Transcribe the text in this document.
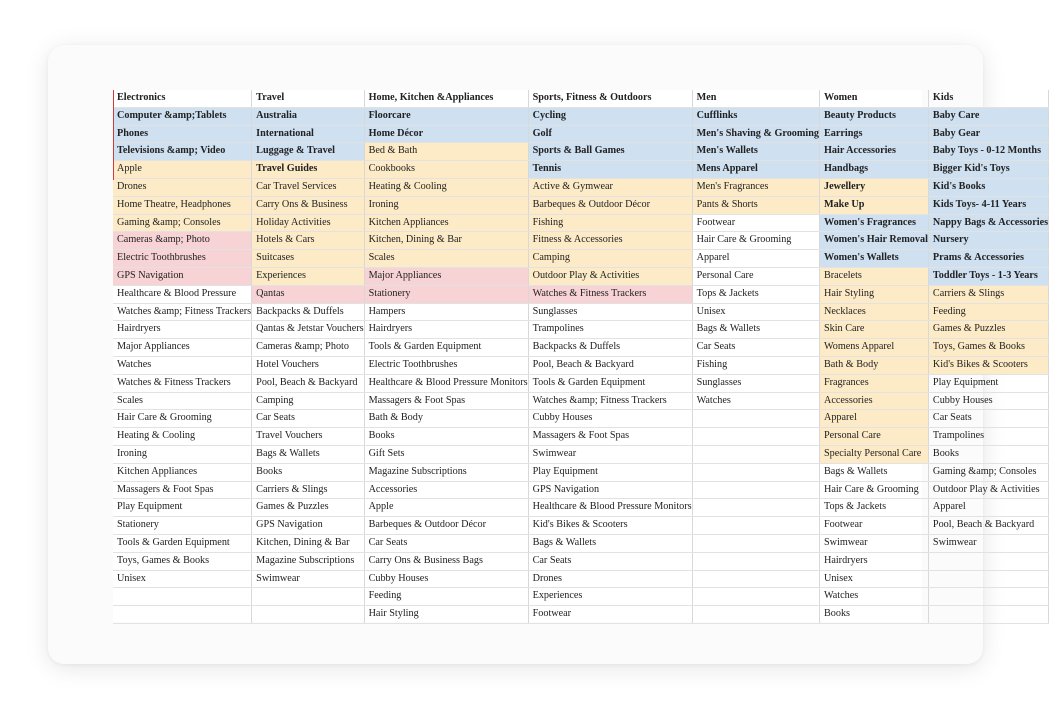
Electronics	Travel	Home, Kitchen &Appliances	Sports, Fitness & Outdoors	Men	Women	Kids
Computer &amp;Tablets	Australia	Floorcare	Cycling	Cufflinks	Beauty Products	Baby Care
Phones	International	Home Décor	Golf	Men's Shaving & Grooming	Earrings	Baby Gear
Televisions &amp; Video	Luggage & Travel	Bed & Bath	Sports & Ball Games	Men's Wallets	Hair Accessories	Baby Toys - 0-12 Months
Apple	Travel Guides	Cookbooks	Tennis	Mens Apparel	Handbags	Bigger Kid's Toys
Drones	Car Travel Services	Heating & Cooling	Active & Gymwear	Men's Fragrances	Jewellery	Kid's Books
Home Theatre, Headphones	Carry Ons & Business	Ironing	Barbeques & Outdoor Décor	Pants & Shorts	Make Up	Kids Toys- 4-11 Years
Gaming &amp; Consoles	Holiday Activities	Kitchen Appliances	Fishing	Footwear	Women's Fragrances	Nappy Bags & Accessories
Cameras &amp; Photo	Hotels & Cars	Kitchen, Dining & Bar	Fitness & Accessories	Hair Care & Grooming	Women's Hair Removal	Nursery
Electric Toothbrushes	Suitcases	Scales	Camping	Apparel	Women's Wallets	Prams & Accessories
GPS Navigation	Experiences	Major Appliances	Outdoor Play & Activities	Personal Care	Bracelets	Toddler Toys - 1-3 Years
Healthcare & Blood Pressure	Qantas	Stationery	Watches & Fitness Trackers	Tops & Jackets	Hair Styling	Carriers & Slings
Watches &amp; Fitness Trackers	Backpacks & Duffels	Hampers	Sunglasses	Unisex	Necklaces	Feeding
Hairdryers	Qantas & Jetstar Vouchers	Hairdryers	Trampolines	Bags & Wallets	Skin Care	Games & Puzzles
Major Appliances	Cameras &amp; Photo	Tools & Garden Equipment	Backpacks & Duffels	Car Seats	Womens Apparel	Toys, Games & Books
Watches	Hotel Vouchers	Electric Toothbrushes	Pool, Beach & Backyard	Fishing	Bath & Body	Kid's Bikes & Scooters
Watches & Fitness Trackers	Pool, Beach & Backyard	Healthcare & Blood Pressure Monitors	Tools & Garden Equipment	Sunglasses	Fragrances	Play Equipment
Scales	Camping	Massagers & Foot Spas	Watches &amp; Fitness Trackers	Watches	Accessories	Cubby Houses
Hair Care & Grooming	Car Seats	Bath & Body	Cubby Houses		Apparel	Car Seats
Heating & Cooling	Travel Vouchers	Books	Massagers & Foot Spas		Personal Care	Trampolines
Ironing	Bags & Wallets	Gift Sets	Swimwear		Specialty Personal Care	Books
Kitchen Appliances	Books	Magazine Subscriptions	Play Equipment		Bags & Wallets	Gaming &amp; Consoles
Massagers & Foot Spas	Carriers & Slings	Accessories	GPS Navigation		Hair Care & Grooming	Outdoor Play & Activities
Play Equipment	Games & Puzzles	Apple	Healthcare & Blood Pressure Monitors		Tops & Jackets	Apparel
Stationery	GPS Navigation	Barbeques & Outdoor Décor	Kid's Bikes & Scooters		Footwear	Pool, Beach & Backyard
Tools & Garden Equipment	Kitchen, Dining & Bar	Car Seats	Bags & Wallets		Swimwear	Swimwear
Toys, Games & Books	Magazine Subscriptions	Carry Ons & Business Bags	Car Seats		Hairdryers	
Unisex	Swimwear	Cubby Houses	Drones		Unisex	
		Feeding	Experiences		Watches	
		Hair Styling	Footwear		Books	
